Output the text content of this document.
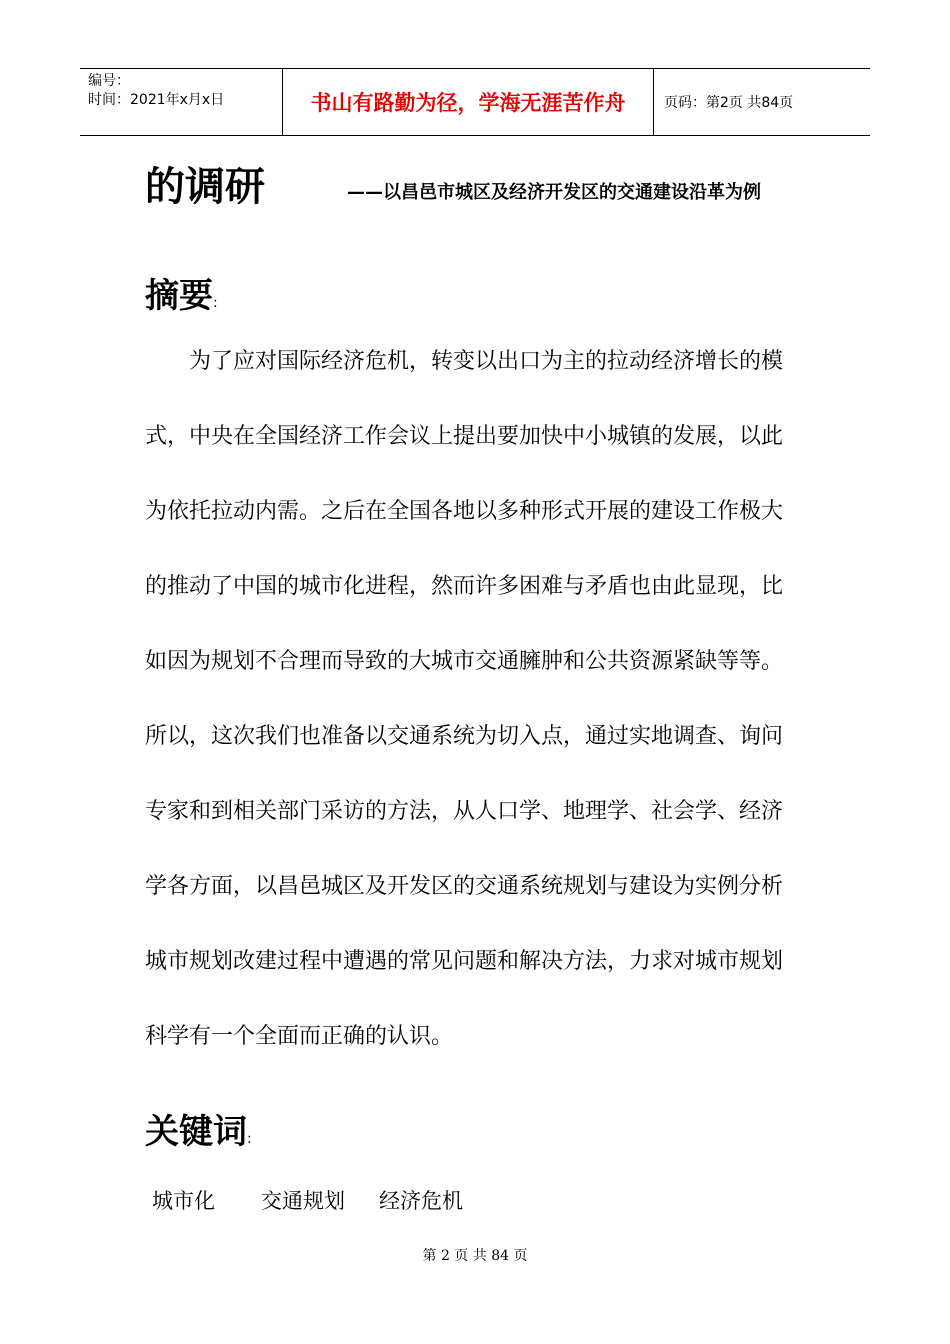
编号：
时间：2021年x月x日	书山有路勤为径，学海无涯苦作舟	页码：第2页 共84页
的调研	——以昌邑市城区及经济开发区的交通建设沿革为例
摘要:
　　为了应对国际经济危机，转变以出口为主的拉动经济增长的模
式，中央在全国经济工作会议上提出要加快中小城镇的发展，以此
为依托拉动内需。之后在全国各地以多种形式开展的建设工作极大
的推动了中国的城市化进程，然而许多困难与矛盾也由此显现，比
如因为规划不合理而导致的大城市交通臃肿和公共资源紧缺等等。
所以，这次我们也准备以交通系统为切入点，通过实地调查、询问
专家和到相关部门采访的方法，从人口学、地理学、社会学、经济
学各方面，以昌邑城区及开发区的交通系统规划与建设为实例分析
城市规划改建过程中遭遇的常见问题和解决方法，力求对城市规划
科学有一个全面而正确的认识。
关键词:
城市化 交通规划 经济危机
第 2 页 共 84 页
